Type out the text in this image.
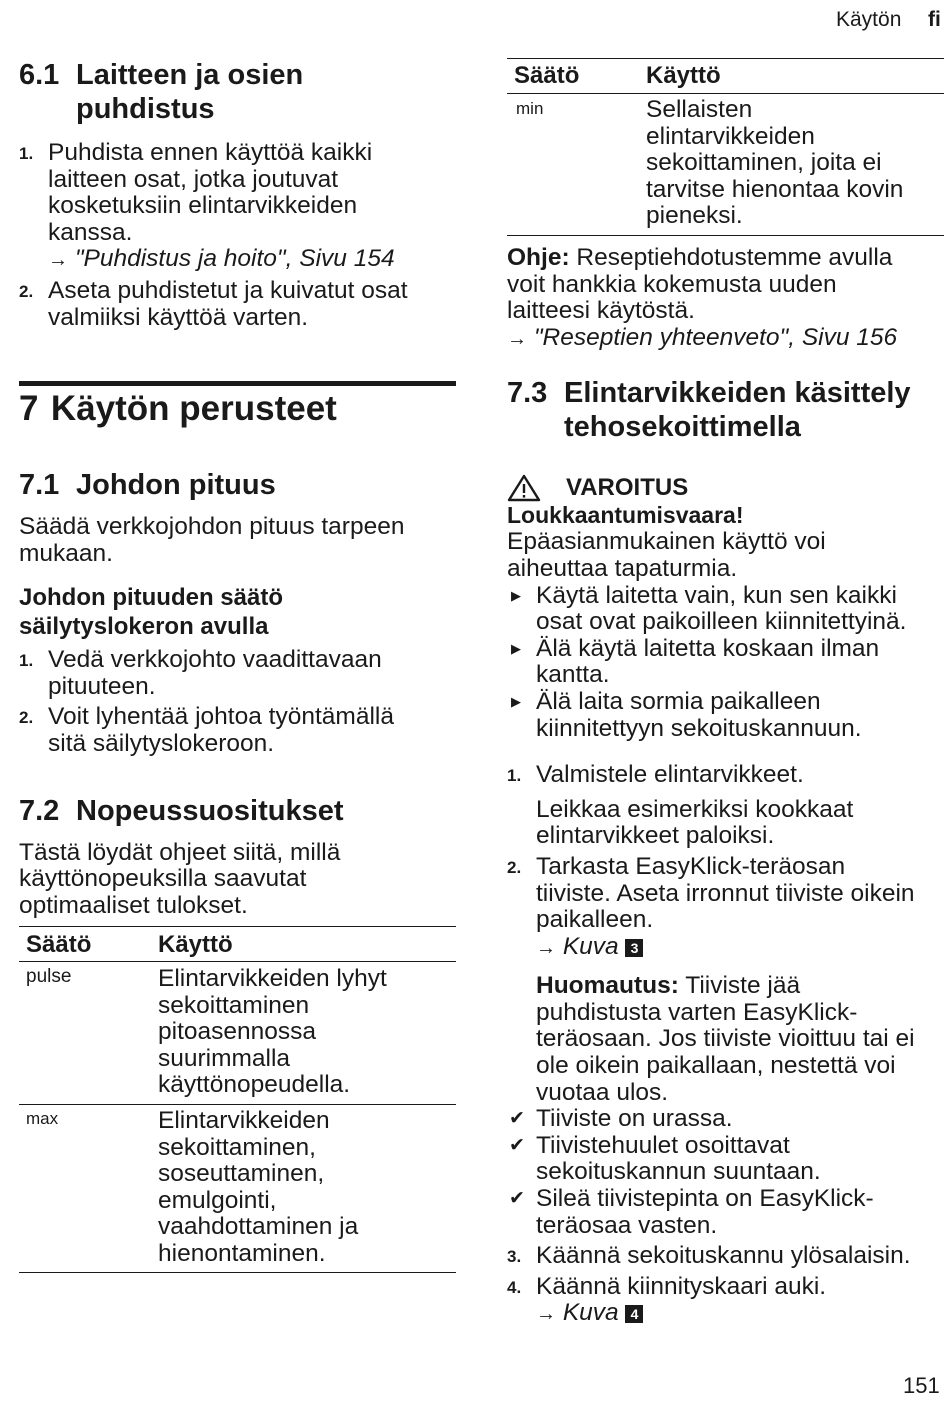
Käytön fi
6.1 Laitteen ja osien
puhdistus
1. Puhdista ennen käyttöä kaikki
laitteen osat, jotka joutuvat
kosketuksiin elintarvikkeiden
kanssa.
→ "Puhdistus ja hoito", Sivu 154
2. Aseta puhdistetut ja kuivatut osat
valmiiksi käyttöä varten.
7 Käytön perusteet
7.1 Johdon pituus
Säädä verkkojohdon pituus tarpeen
mukaan.
Johdon pituuden säätö
säilytyslokeron avulla
1. Vedä verkkojohto vaadittavaan
pituuteen.
2. Voit lyhentää johtoa työntämällä
sitä säilytyslokeroon.
7.2 Nopeussuositukset
Tästä löydät ohjeet siitä, millä
käyttönopeuksilla saavutat
optimaaliset tulokset.
Säätö	Käyttö
pulse	Elintarvikkeiden lyhyt
sekoittaminen
pitoasennossa
suurimmalla
käyttönopeudella.
max	Elintarvikkeiden
sekoittaminen,
soseuttaminen,
emulgointi,
vaahdottaminen ja
hienontaminen.
Säätö	Käyttö
min	Sellaisten
elintarvikkeiden
sekoittaminen, joita ei
tarvitse hienontaa kovin
pieneksi.
Ohje: Reseptiehdotustemme avulla
voit hankkia kokemusta uuden
laitteesi käytöstä.
→ "Reseptien yhteenveto", Sivu 156
7.3 Elintarvikkeiden käsittely
tehosekoittimella
VAROITUS
Loukkaantumisvaara!
Epäasianmukainen käyttö voi
aiheuttaa tapaturmia.
▶ Käytä laitetta vain, kun sen kaikki
osat ovat paikoilleen kiinnitettyinä.
▶ Älä käytä laitetta koskaan ilman
kantta.
▶ Älä laita sormia paikalleen
kiinnitettyyn sekoituskannuun.
1. Valmistele elintarvikkeet.
Leikkaa esimerkiksi kookkaat
elintarvikkeet paloiksi.
2. Tarkasta EasyKlick-teräosan
tiiviste. Aseta irronnut tiiviste oikein
paikalleen.
→ Kuva 3
Huomautus: Tiiviste jää
puhdistusta varten EasyKlick-
teräosaan. Jos tiiviste vioittuu tai ei
ole oikein paikallaan, nestettä voi
vuotaa ulos.
✔ Tiiviste on urassa.
✔ Tiivistehuulet osoittavat
sekoituskannun suuntaan.
✔ Sileä tiivistepinta on EasyKlick-
teräosaa vasten.
3. Käännä sekoituskannu ylösalaisin.
4. Käännä kiinnityskaari auki.
→ Kuva 4
151
